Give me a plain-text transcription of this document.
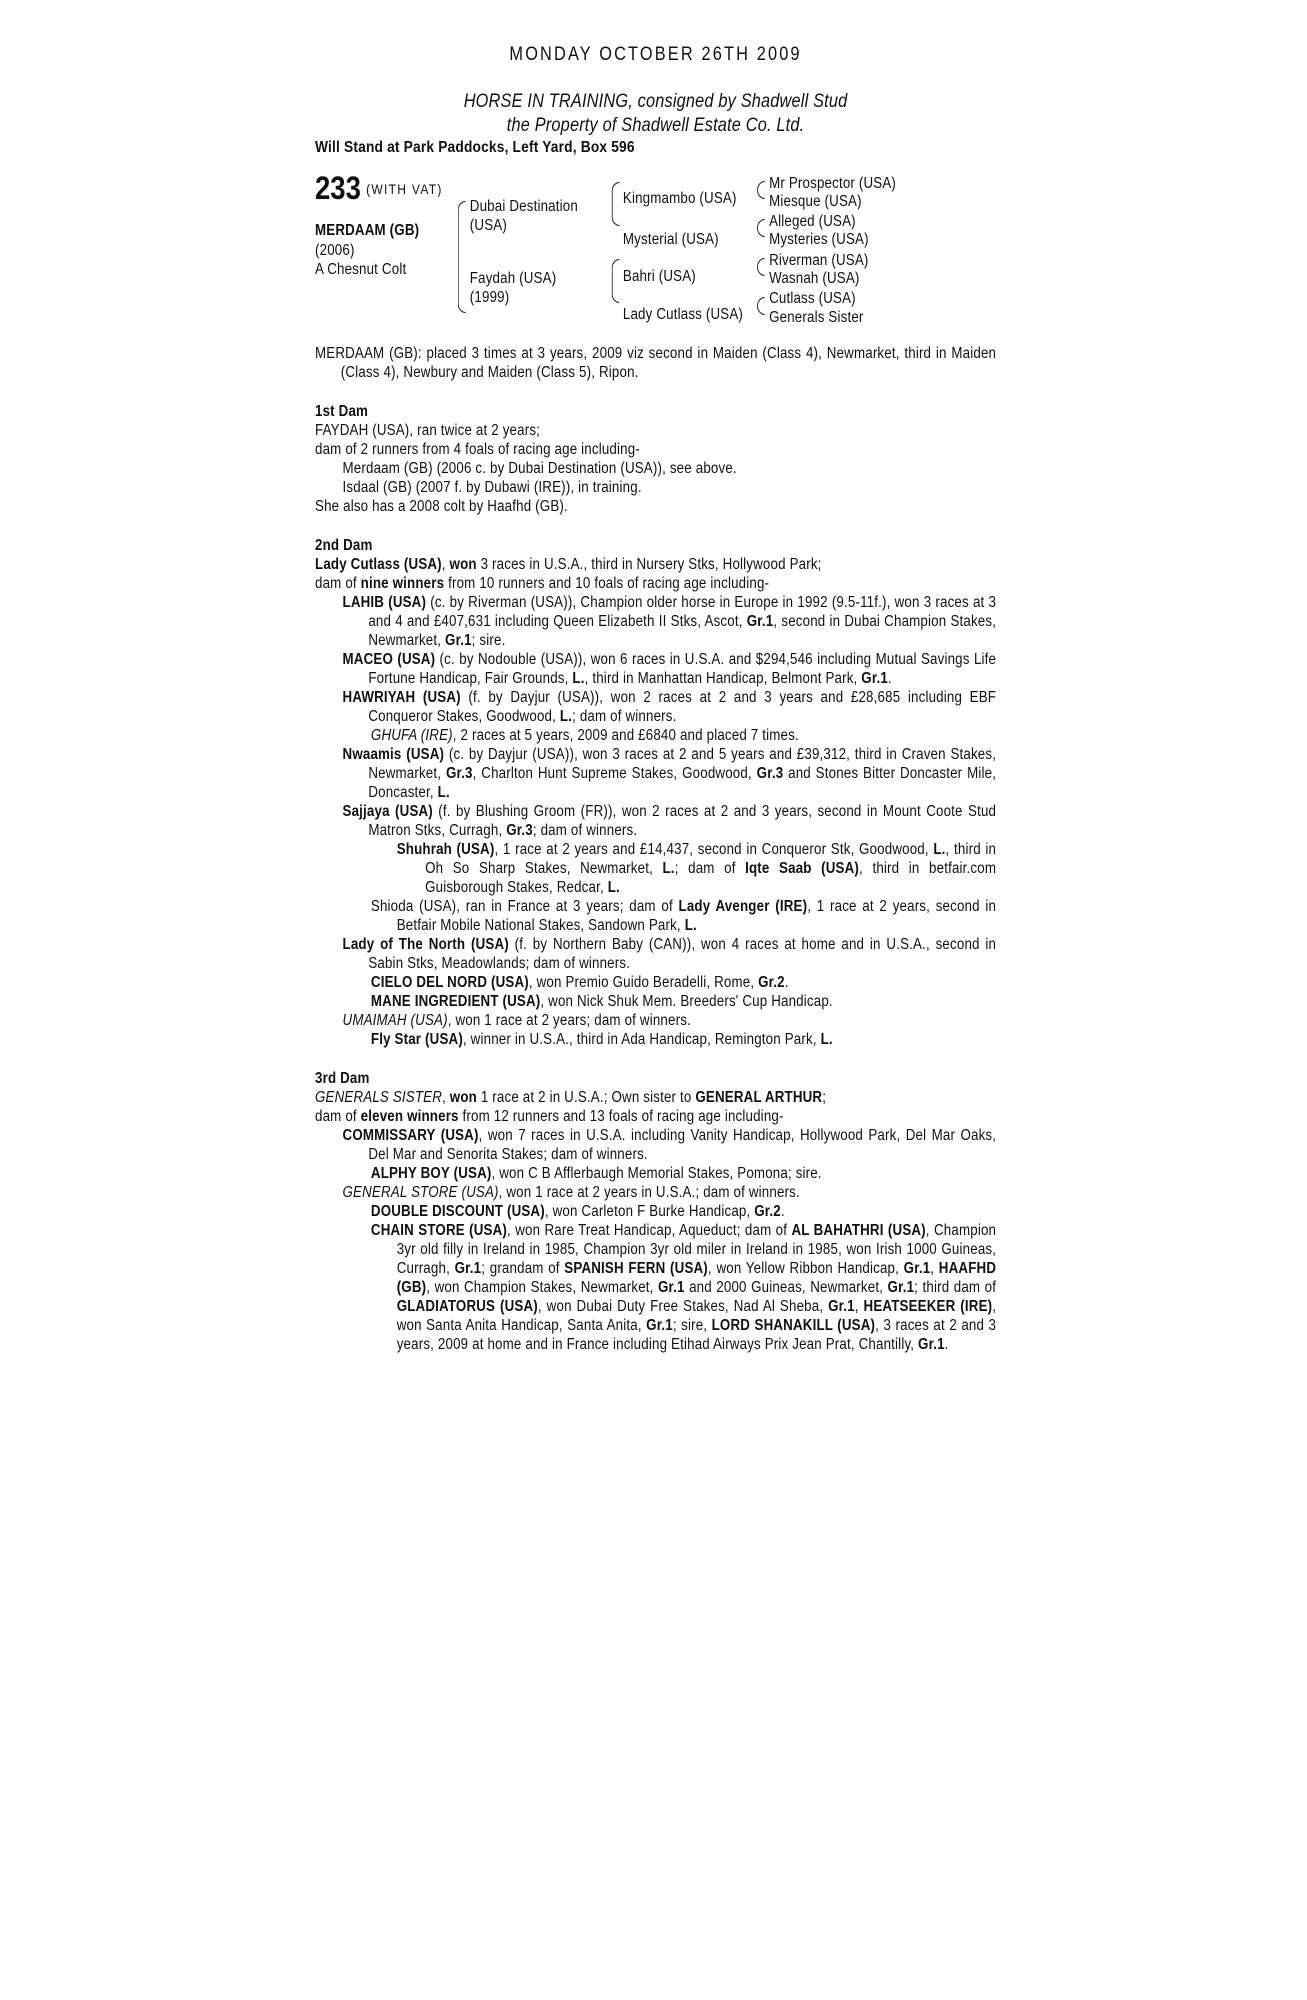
MONDAY OCTOBER 26TH 2009
HORSE IN TRAINING, consigned by Shadwell Stud
the Property of Shadwell Estate Co. Ltd.
Will Stand at Park Paddocks, Left Yard, Box 596
233 (WITH VAT)
MERDAAM (GB)
(2006)
A Chesnut Colt
Dubai Destination
(USA)
Faydah (USA)
(1999)
Kingmambo (USA)
Mysterial (USA)
Bahri (USA)
Lady Cutlass (USA)
Mr Prospector (USA)
Miesque (USA)
Alleged (USA)
Mysteries (USA)
Riverman (USA)
Wasnah (USA)
Cutlass (USA)
Generals Sister

MERDAAM (GB): placed 3 times at 3 years, 2009 viz second in Maiden (Class 4), Newmarket, third in Maiden (Class 4), Newbury and Maiden (Class 5), Ripon.

1st Dam
FAYDAH (USA), ran twice at 2 years;
dam of 2 runners from 4 foals of racing age including-
Merdaam (GB) (2006 c. by Dubai Destination (USA)), see above.
Isdaal (GB) (2007 f. by Dubawi (IRE)), in training.
She also has a 2008 colt by Haafhd (GB).
2nd Dam
Lady Cutlass (USA), won 3 races in U.S.A., third in Nursery Stks, Hollywood Park;
dam of nine winners from 10 runners and 10 foals of racing age including-
LAHIB (USA) (c. by Riverman (USA)), Champion older horse in Europe in 1992 (9.5-11f.), won 3 races at 3 and 4 and £407,631 including Queen Elizabeth II Stks, Ascot, Gr.1, second in Dubai Champion Stakes, Newmarket, Gr.1; sire.
MACEO (USA) (c. by Nodouble (USA)), won 6 races in U.S.A. and $294,546 including Mutual Savings Life Fortune Handicap, Fair Grounds, L., third in Manhattan Handicap, Belmont Park, Gr.1.
HAWRIYAH (USA) (f. by Dayjur (USA)), won 2 races at 2 and 3 years and £28,685 including EBF Conqueror Stakes, Goodwood, L.; dam of winners.
GHUFA (IRE), 2 races at 5 years, 2009 and £6840 and placed 7 times.
Nwaamis (USA) (c. by Dayjur (USA)), won 3 races at 2 and 5 years and £39,312, third in Craven Stakes, Newmarket, Gr.3, Charlton Hunt Supreme Stakes, Goodwood, Gr.3 and Stones Bitter Doncaster Mile, Doncaster, L.
Sajjaya (USA) (f. by Blushing Groom (FR)), won 2 races at 2 and 3 years, second in Mount Coote Stud Matron Stks, Curragh, Gr.3; dam of winners.
Shuhrah (USA), 1 race at 2 years and £14,437, second in Conqueror Stk, Goodwood, L., third in Oh So Sharp Stakes, Newmarket, L.; dam of Iqte Saab (USA), third in betfair.com Guisborough Stakes, Redcar, L.
Shioda (USA), ran in France at 3 years; dam of Lady Avenger (IRE), 1 race at 2 years, second in Betfair Mobile National Stakes, Sandown Park, L.
Lady of The North (USA) (f. by Northern Baby (CAN)), won 4 races at home and in U.S.A., second in Sabin Stks, Meadowlands; dam of winners.
CIELO DEL NORD (USA), won Premio Guido Beradelli, Rome, Gr.2.
MANE INGREDIENT (USA), won Nick Shuk Mem. Breeders' Cup Handicap.
UMAIMAH (USA), won 1 race at 2 years; dam of winners.
Fly Star (USA), winner in U.S.A., third in Ada Handicap, Remington Park, L.
3rd Dam
GENERALS SISTER, won 1 race at 2 in U.S.A.; Own sister to GENERAL ARTHUR;
dam of eleven winners from 12 runners and 13 foals of racing age including-
COMMISSARY (USA), won 7 races in U.S.A. including Vanity Handicap, Hollywood Park, Del Mar Oaks, Del Mar and Senorita Stakes; dam of winners.
ALPHY BOY (USA), won C B Afflerbaugh Memorial Stakes, Pomona; sire.
GENERAL STORE (USA), won 1 race at 2 years in U.S.A.; dam of winners.
DOUBLE DISCOUNT (USA), won Carleton F Burke Handicap, Gr.2.
CHAIN STORE (USA), won Rare Treat Handicap, Aqueduct; dam of AL BAHATHRI (USA), Champion 3yr old filly in Ireland in 1985, Champion 3yr old miler in Ireland in 1985, won Irish 1000 Guineas, Curragh, Gr.1; grandam of SPANISH FERN (USA), won Yellow Ribbon Handicap, Gr.1, HAAFHD (GB), won Champion Stakes, Newmarket, Gr.1 and 2000 Guineas, Newmarket, Gr.1; third dam of GLADIATORUS (USA), won Dubai Duty Free Stakes, Nad Al Sheba, Gr.1, HEATSEEKER (IRE), won Santa Anita Handicap, Santa Anita, Gr.1; sire, LORD SHANAKILL (USA), 3 races at 2 and 3 years, 2009 at home and in France including Etihad Airways Prix Jean Prat, Chantilly, Gr.1.
